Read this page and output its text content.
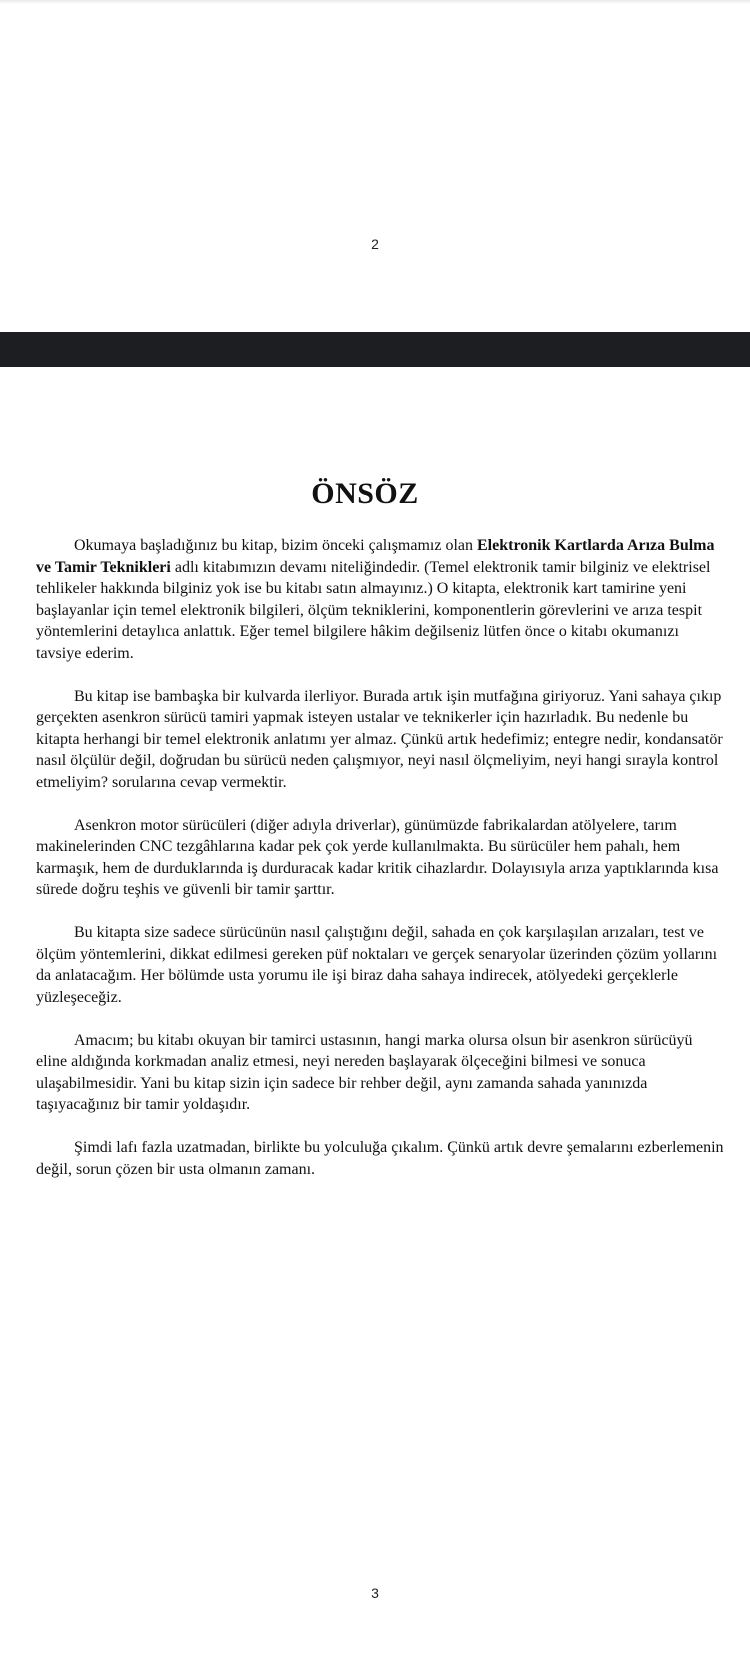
2
ÖNSÖZ

Okumaya başladığınız bu kitap, bizim önceki çalışmamız olan Elektronik Kartlarda Arıza Bulma ve Tamir Teknikleri adlı kitabımızın devamı niteliğindedir. (Temel elektronik tamir bilginiz ve elektrisel tehlikeler hakkında bilginiz yok ise bu kitabı satın almayınız.) O kitapta, elektronik kart tamirine yeni başlayanlar için temel elektronik bilgileri, ölçüm tekniklerini, komponentlerin görevlerini ve arıza tespit yöntemlerini detaylıca anlattık. Eğer temel bilgilere hâkim değilseniz lütfen önce o kitabı okumanızı tavsiye ederim.

Bu kitap ise bambaşka bir kulvarda ilerliyor. Burada artık işin mutfağına giriyoruz. Yani sahaya çıkıp gerçekten asenkron sürücü tamiri yapmak isteyen ustalar ve teknikerler için hazırladık. Bu nedenle bu kitapta herhangi bir temel elektronik anlatımı yer almaz. Çünkü artık hedefimiz; entegre nedir, kondansatör nasıl ölçülür değil, doğrudan bu sürücü neden çalışmıyor, neyi nasıl ölçmeliyim, neyi hangi sırayla kontrol etmeliyim? sorularına cevap vermektir.

Asenkron motor sürücüleri (diğer adıyla driverlar), günümüzde fabrikalardan atölyelere, tarım makinelerinden CNC tezgâhlarına kadar pek çok yerde kullanılmakta. Bu sürücüler hem pahalı, hem karmaşık, hem de durduklarında iş durduracak kadar kritik cihazlardır. Dolayısıyla arıza yaptıklarında kısa sürede doğru teşhis ve güvenli bir tamir şarttır.

Bu kitapta size sadece sürücünün nasıl çalıştığını değil, sahada en çok karşılaşılan arızaları, test ve ölçüm yöntemlerini, dikkat edilmesi gereken püf noktaları ve gerçek senaryolar üzerinden çözüm yollarını da anlatacağım. Her bölümde usta yorumu ile işi biraz daha sahaya indirecek, atölyedeki gerçeklerle yüzleşeceğiz.

Amacım; bu kitabı okuyan bir tamirci ustasının, hangi marka olursa olsun bir asenkron sürücüyü eline aldığında korkmadan analiz etmesi, neyi nereden başlayarak ölçeceğini bilmesi ve sonuca ulaşabilmesidir. Yani bu kitap sizin için sadece bir rehber değil, aynı zamanda sahada yanınızda taşıyacağınız bir tamir yoldaşıdır.

Şimdi lafı fazla uzatmadan, birlikte bu yolculuğa çıkalım. Çünkü artık devre şemalarını ezberlemenin değil, sorun çözen bir usta olmanın zamanı.

3
